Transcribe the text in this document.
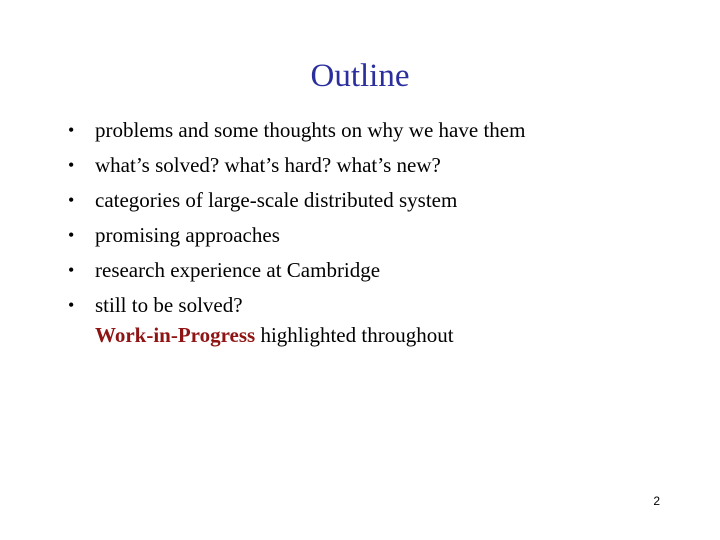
Outline
• problems and some thoughts on why we have them
• what’s solved? what’s hard? what’s new?
• categories of large-scale distributed system
• promising approaches
• research experience at Cambridge
• still to be solved?
Work-in-Progress highlighted throughout
2
